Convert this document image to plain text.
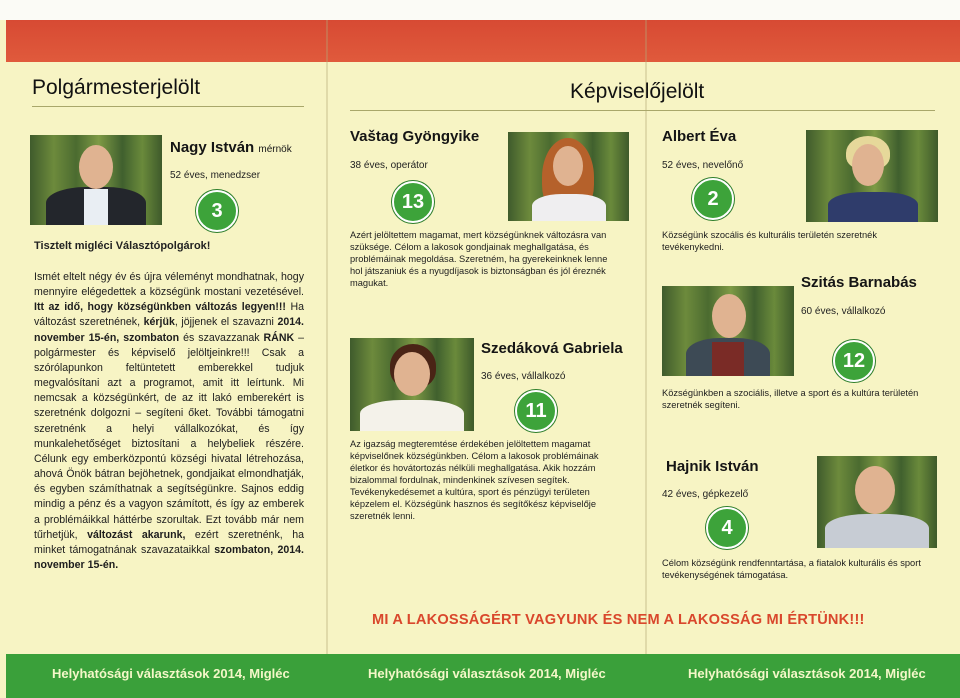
Polgármesterjelölt	Képviselőjelölt
Nagy István mérnök
52 éves, menedzser
3
Tisztelt migléci Választópolgárok!

Ismét eltelt négy év és újra véleményt mondhatnak, hogy mennyire elégedettek a községünk mostani vezetésével. Itt az idő, hogy községünkben változás legyen!!! Ha változást szeretnének, kérjük, jöjjenek el szavazni 2014. november 15-én, szombaton és szavazzanak RÁNK – polgármester és képviselő jelöltjeinkre!!! Csak a szórólapunkon feltüntetett emberekkel tudjuk megvalósítani azt a programot, amit itt leírtunk. Mi nemcsak a községünkért, de az itt lakó emberekért is szeretnénk dolgozni – segíteni őket. További támogatni szeretnénk a helyi vállalkozókat, és így munkalehetőséget biztosítani a helybeliek részére. Célunk egy emberközpontú községi hivatal létrehozása, ahová Önök bátran bejöhetnek, gondjaikat elmondhatják, és egyben számíthatnak a segítségünkre. Sajnos eddig mindig a pénz és a vagyon számított, és így az emberek a problémáikkal háttérbe szorultak. Ezt tovább már nem tűrhetjük, változást akarunk, ezért szeretnénk, ha minket támogatnának szavazataikkal szombaton, 2014. november 15-én.

Vaštag Gyöngyike
38 éves, operátor
13

Azért jelöltettem magamat, mert községünknek változásra van szüksége. Célom a lakosok gondjainak meghallgatása, és problémáinak megoldása. Szeretném, ha gyerekeinknek lenne hol játszaniuk és a nyugdíjasok is biztonságban és jól éreznék magukat.

Albert Éva
52 éves, nevelőnő
2

Községünk szocális és kulturális területén szeretnék tevékenykedni.

Szedáková Gabriela
36 éves, vállalkozó
11

Az igazság megteremtése érdekében jelöltettem magamat képviselőnek községünkben. Célom a lakosok problémáinak életkor és hovátortozás nélküli meghallgatása. Akik hozzám bizalommal fordulnak, mindenkinek szívesen segítek. Tevékenykedésemet a kultúra, sport és pénzügyi területen képzelem el. Községünk hasznos és segítőkész képviselője szeretnék lenni.

Szitás Barnabás
60 éves, vállalkozó
12

Községünkben a szociális, illetve a sport és a kultúra területén szeretnék segíteni.

Hajnik István
42 éves, gépkezelő
4

Célom községünk rendfenntartása, a fiatalok kulturális és sport tevékenységének támogatása.

MI A LAKOSSÁGÉRT VAGYUNK ÉS NEM A LAKOSSÁG MI ÉRTÜNK!!!
Helyhatósági választások 2014, Migléc	Helyhatósági választások 2014, Migléc	Helyhatósági választások 2014, Migléc
